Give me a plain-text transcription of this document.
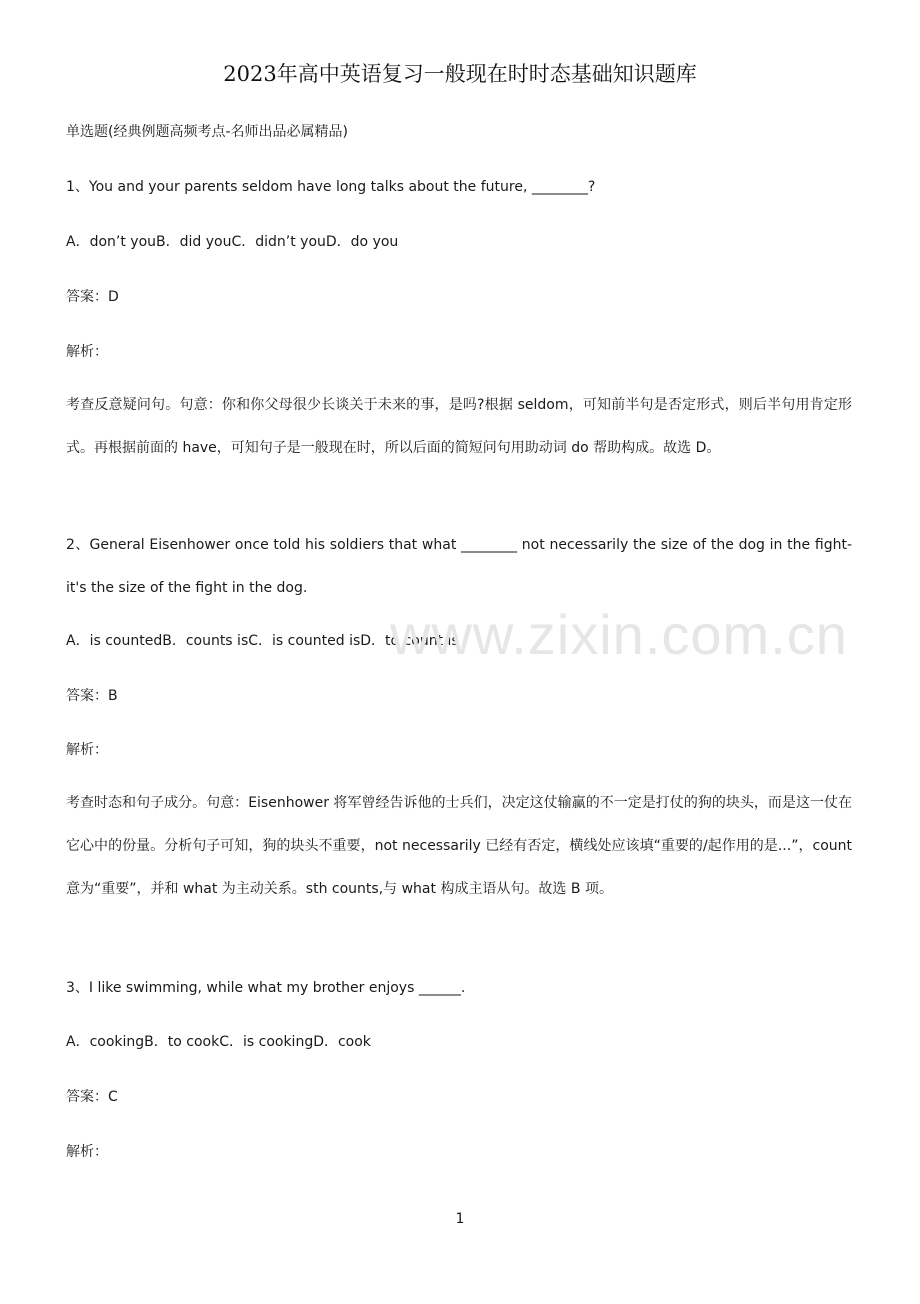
2023年高中英语复习一般现在时时态基础知识题库
单选题(经典例题高频考点-名师出品必属精品)
1、You and your parents seldom have long talks about the future, ________?
A．don’t youB．did youC．didn’t youD．do you
答案：D
解析：
考查反意疑问句。句意：你和你父母很少长谈关于未来的事，是吗?根据 seldom，可知前半句是否定形式，则后半句用肯定形式。再根据前面的 have，可知句子是一般现在时，所以后面的简短问句用助动词 do 帮助构成。故选 D。
2、General Eisenhower once told his soldiers that what ________ not necessarily the size of the dog in the fight-it's the size of the fight in the dog.
A．is countedB．counts isC．is counted isD．to count is
答案：B
解析：
考查时态和句子成分。句意：Eisenhower 将军曾经告诉他的士兵们，决定这仗输赢的不一定是打仗的狗的块头，而是这一仗在它心中的份量。分析句子可知，狗的块头不重要，not necessarily 已经有否定，横线处应该填“重要的/起作用的是...”，count 意为“重要”，并和 what 为主动关系。sth counts,与 what 构成主语从句。故选 B 项。
3、I like swimming, while what my brother enjoys ______.
A．cookingB．to cookC．is cookingD．cook
答案：C
解析：
www.zixin.com.cn
1
